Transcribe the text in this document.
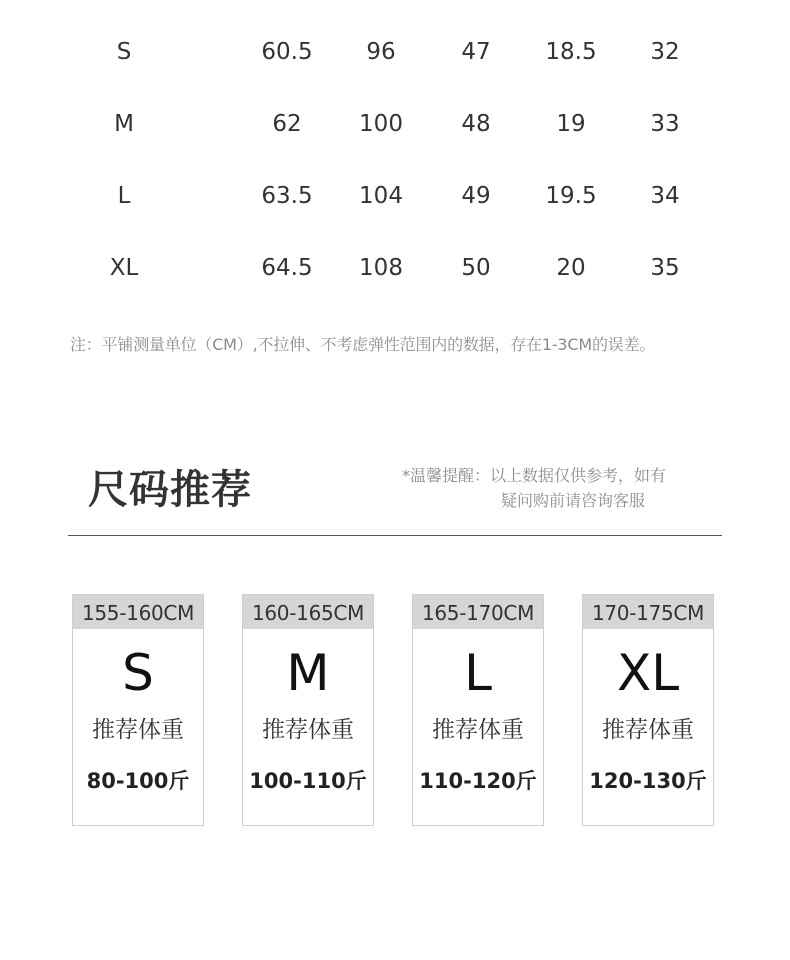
S	60.5	96	47	18.5	32
M	62	100	48	19	33
L	63.5	104	49	19.5	34
XL	64.5	108	50	20	35
注：平铺测量单位（CM）,不拉伸、不考虑弹性范围内的数据，存在1-3CM的误差。
尺码推荐	*温馨提醒：以上数据仅供参考，如有
疑问购前请咨询客服
155-160CM
S
推荐体重
80-100斤
160-165CM
M
推荐体重
100-110斤
165-170CM
L
推荐体重
110-120斤
170-175CM
XL
推荐体重
120-130斤
